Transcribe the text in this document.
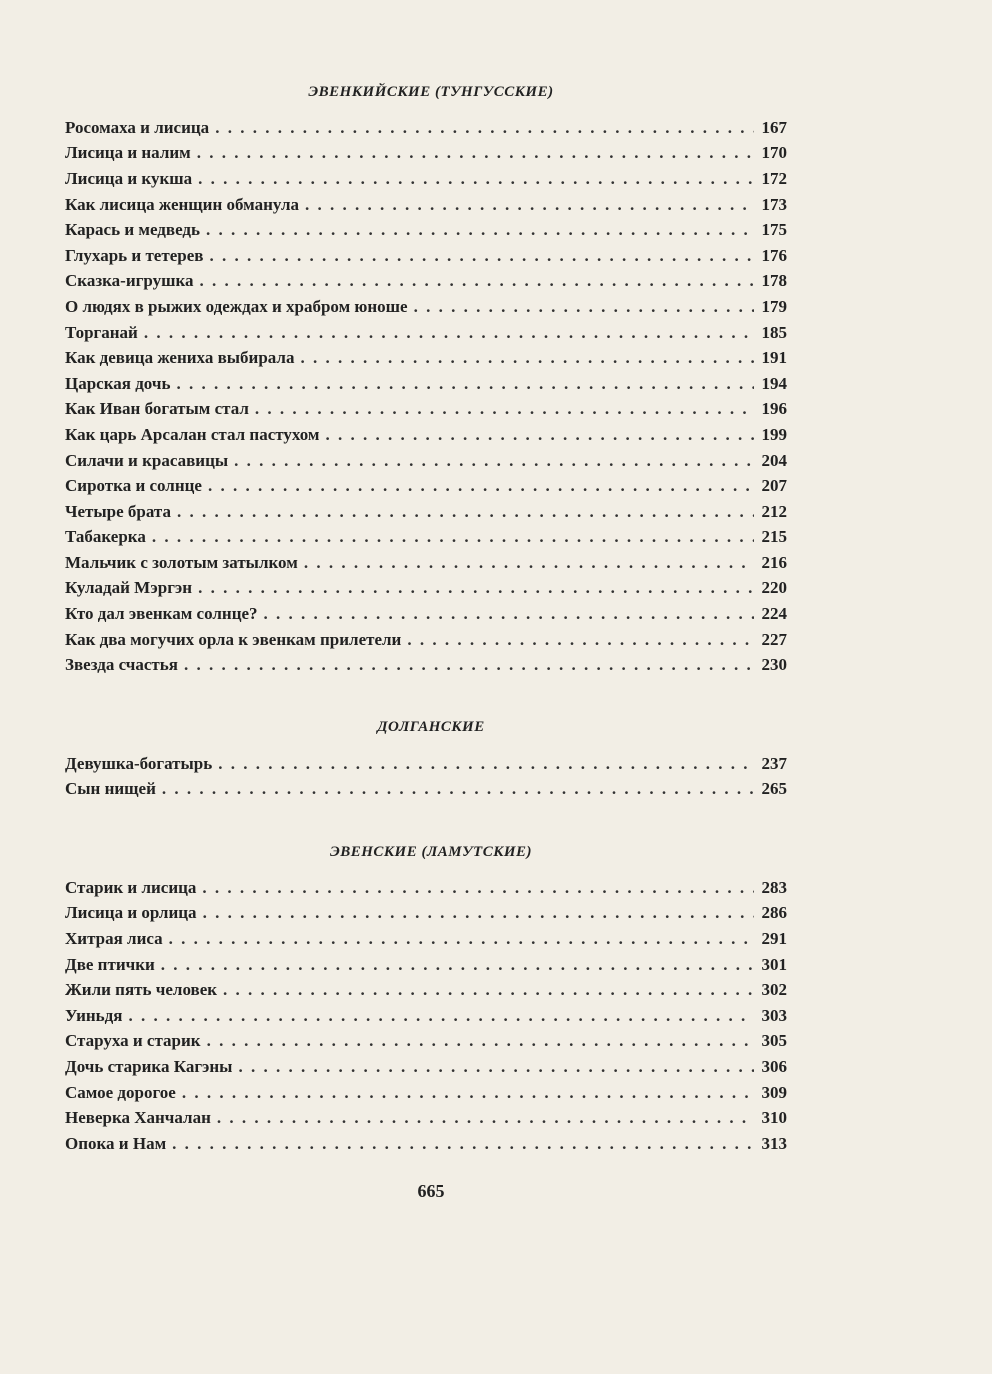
ЭВЕНКИЙСКИЕ (ТУНГУССКИЕ)
Росомаха и лисица . . .	167
Лисица и налим . . .	170
Лисица и кукша . . .	172
Как лисица женщин обманула . . .	173
Карась и медведь . . .	175
Глухарь и тетерев . . .	176
Сказка-игрушка . . .	178
О людях в рыжих одеждах и храбром юноше . . .	179
Торганай . . .	185
Как девица жениха выбирала . . .	191
Царская дочь . . .	194
Как Иван богатым стал . . .	196
Как царь Арсалан стал пастухом . . .	199
Силачи и красавицы . . .	204
Сиротка и солнце . . .	207
Четыре брата . . .	212
Табакерка . . .	215
Мальчик с золотым затылком . . .	216
Куладай Мэргэн . . .	220
Кто дал эвенкам солнце? . . .	224
Как два могучих орла к эвенкам прилетели . . .	227
Звезда счастья . . .	230
ДОЛГАНСКИЕ
Девушка-богатырь . . .	237
Сын нищей . . .	265
ЭВЕНСКИЕ (ЛАМУТСКИЕ)
Старик и лисица . . .	283
Лисица и орлица . . .	286
Хитрая лиса . . .	291
Две птички . . .	301
Жили пять человек . . .	302
Уиньдя . . .	303
Старуха и старик . . .	305
Дочь старика Кагэны . . .	306
Самое дорогое . . .	309
Неверка Ханчалан . . .	310
Опока и Нам . . .	313
665
